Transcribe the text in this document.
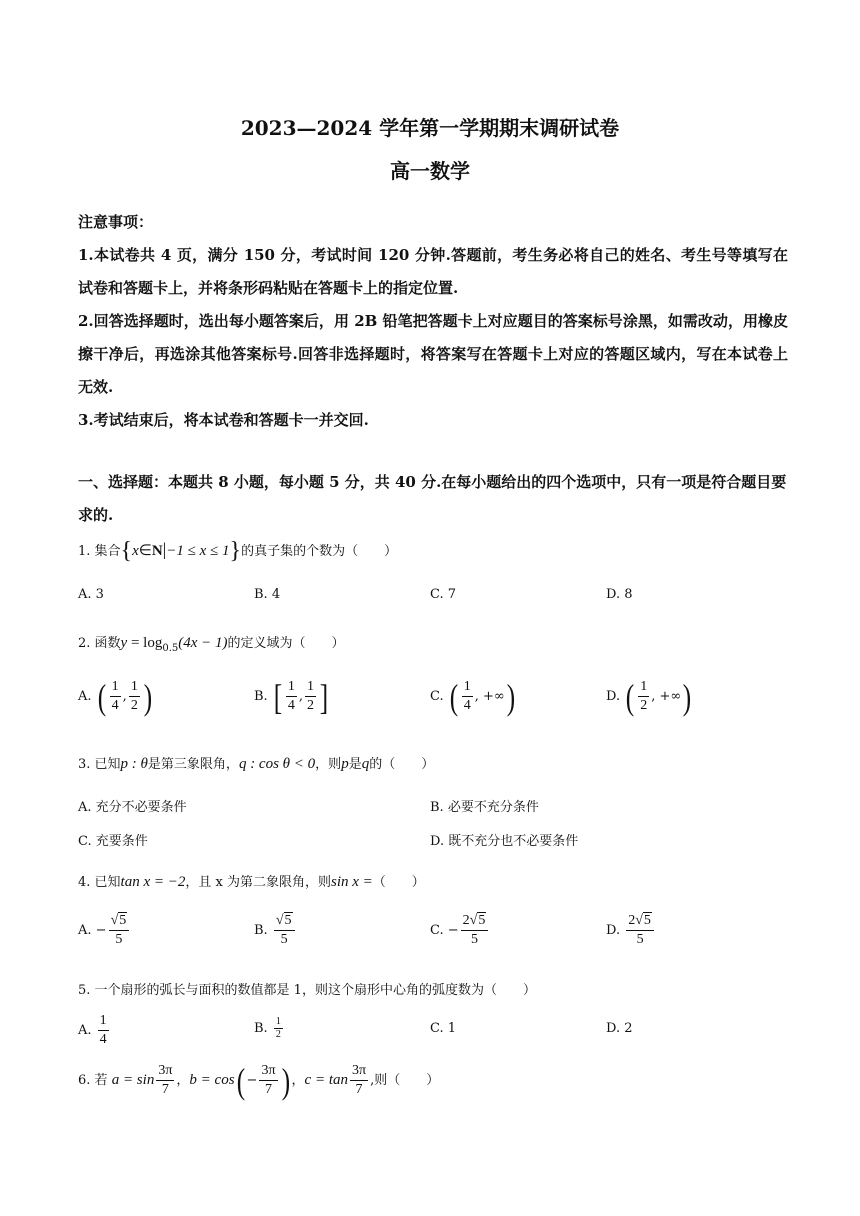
2023—2024 学年第一学期期末调研试卷
高一数学
注意事项：
1.本试卷共 4 页，满分 150 分，考试时间 120 分钟.答题前，考生务必将自己的姓名、考生号等填写在试卷和答题卡上，并将条形码粘贴在答题卡上的指定位置.
2.回答选择题时，选出每小题答案后，用 2B 铅笔把答题卡上对应题目的答案标号涂黑，如需改动，用橡皮擦干净后，再选涂其他答案标号.回答非选择题时，将答案写在答题卡上对应的答题区域内，写在本试卷上无效.
3.考试结束后，将本试卷和答题卡一并交回.
一、选择题：本题共 8 小题，每小题 5 分，共 40 分.在每小题给出的四个选项中，只有一项是符合题目要求的.
1. 集合{x∈N|−1 ≤ x ≤ 1}的真子集的个数为（　　）
A. 3	B. 4	C. 7	D. 8
2. 函数$y = \log_{0.5}(4x - 1)$的定义域为（　　）
A. ( $\frac{1}{4}$ , $\frac{1}{2}$ )	B. [ $\frac{1}{4}$ , $\frac{1}{2}$ ]	C. ( $\frac{1}{4}$ , +∞)	D. ( $\frac{1}{2}$ , +∞)
3. 已知p : θ是第三象限角，q : cos θ < 0，则p是q的（　　）
A. 充分不必要条件	B. 必要不充分条件
C. 充要条件	D. 既不充分也不必要条件
4. 已知tan x = −2，且 x 为第二象限角，则sin x =（　　）
A. − $\frac{√5}{5}$	B. $\frac{√5}{5}$	C. − $\frac{2√5}{5}$	D. $\frac{2√5}{5}$
5. 一个扇形的弧长与面积的数值都是 1，则这个扇形中心角的弧度数为（　　）
A. $\frac{1}{4}$	B. $\frac{1}{2}$	C. 1	D. 2
6. 若 $a = \sin \frac{3\pi}{7}$ ，$b = \cos( - \frac{3\pi}{7}$ ) ，$c = \tan \frac{3\pi}{7}$ ,则（　　）
